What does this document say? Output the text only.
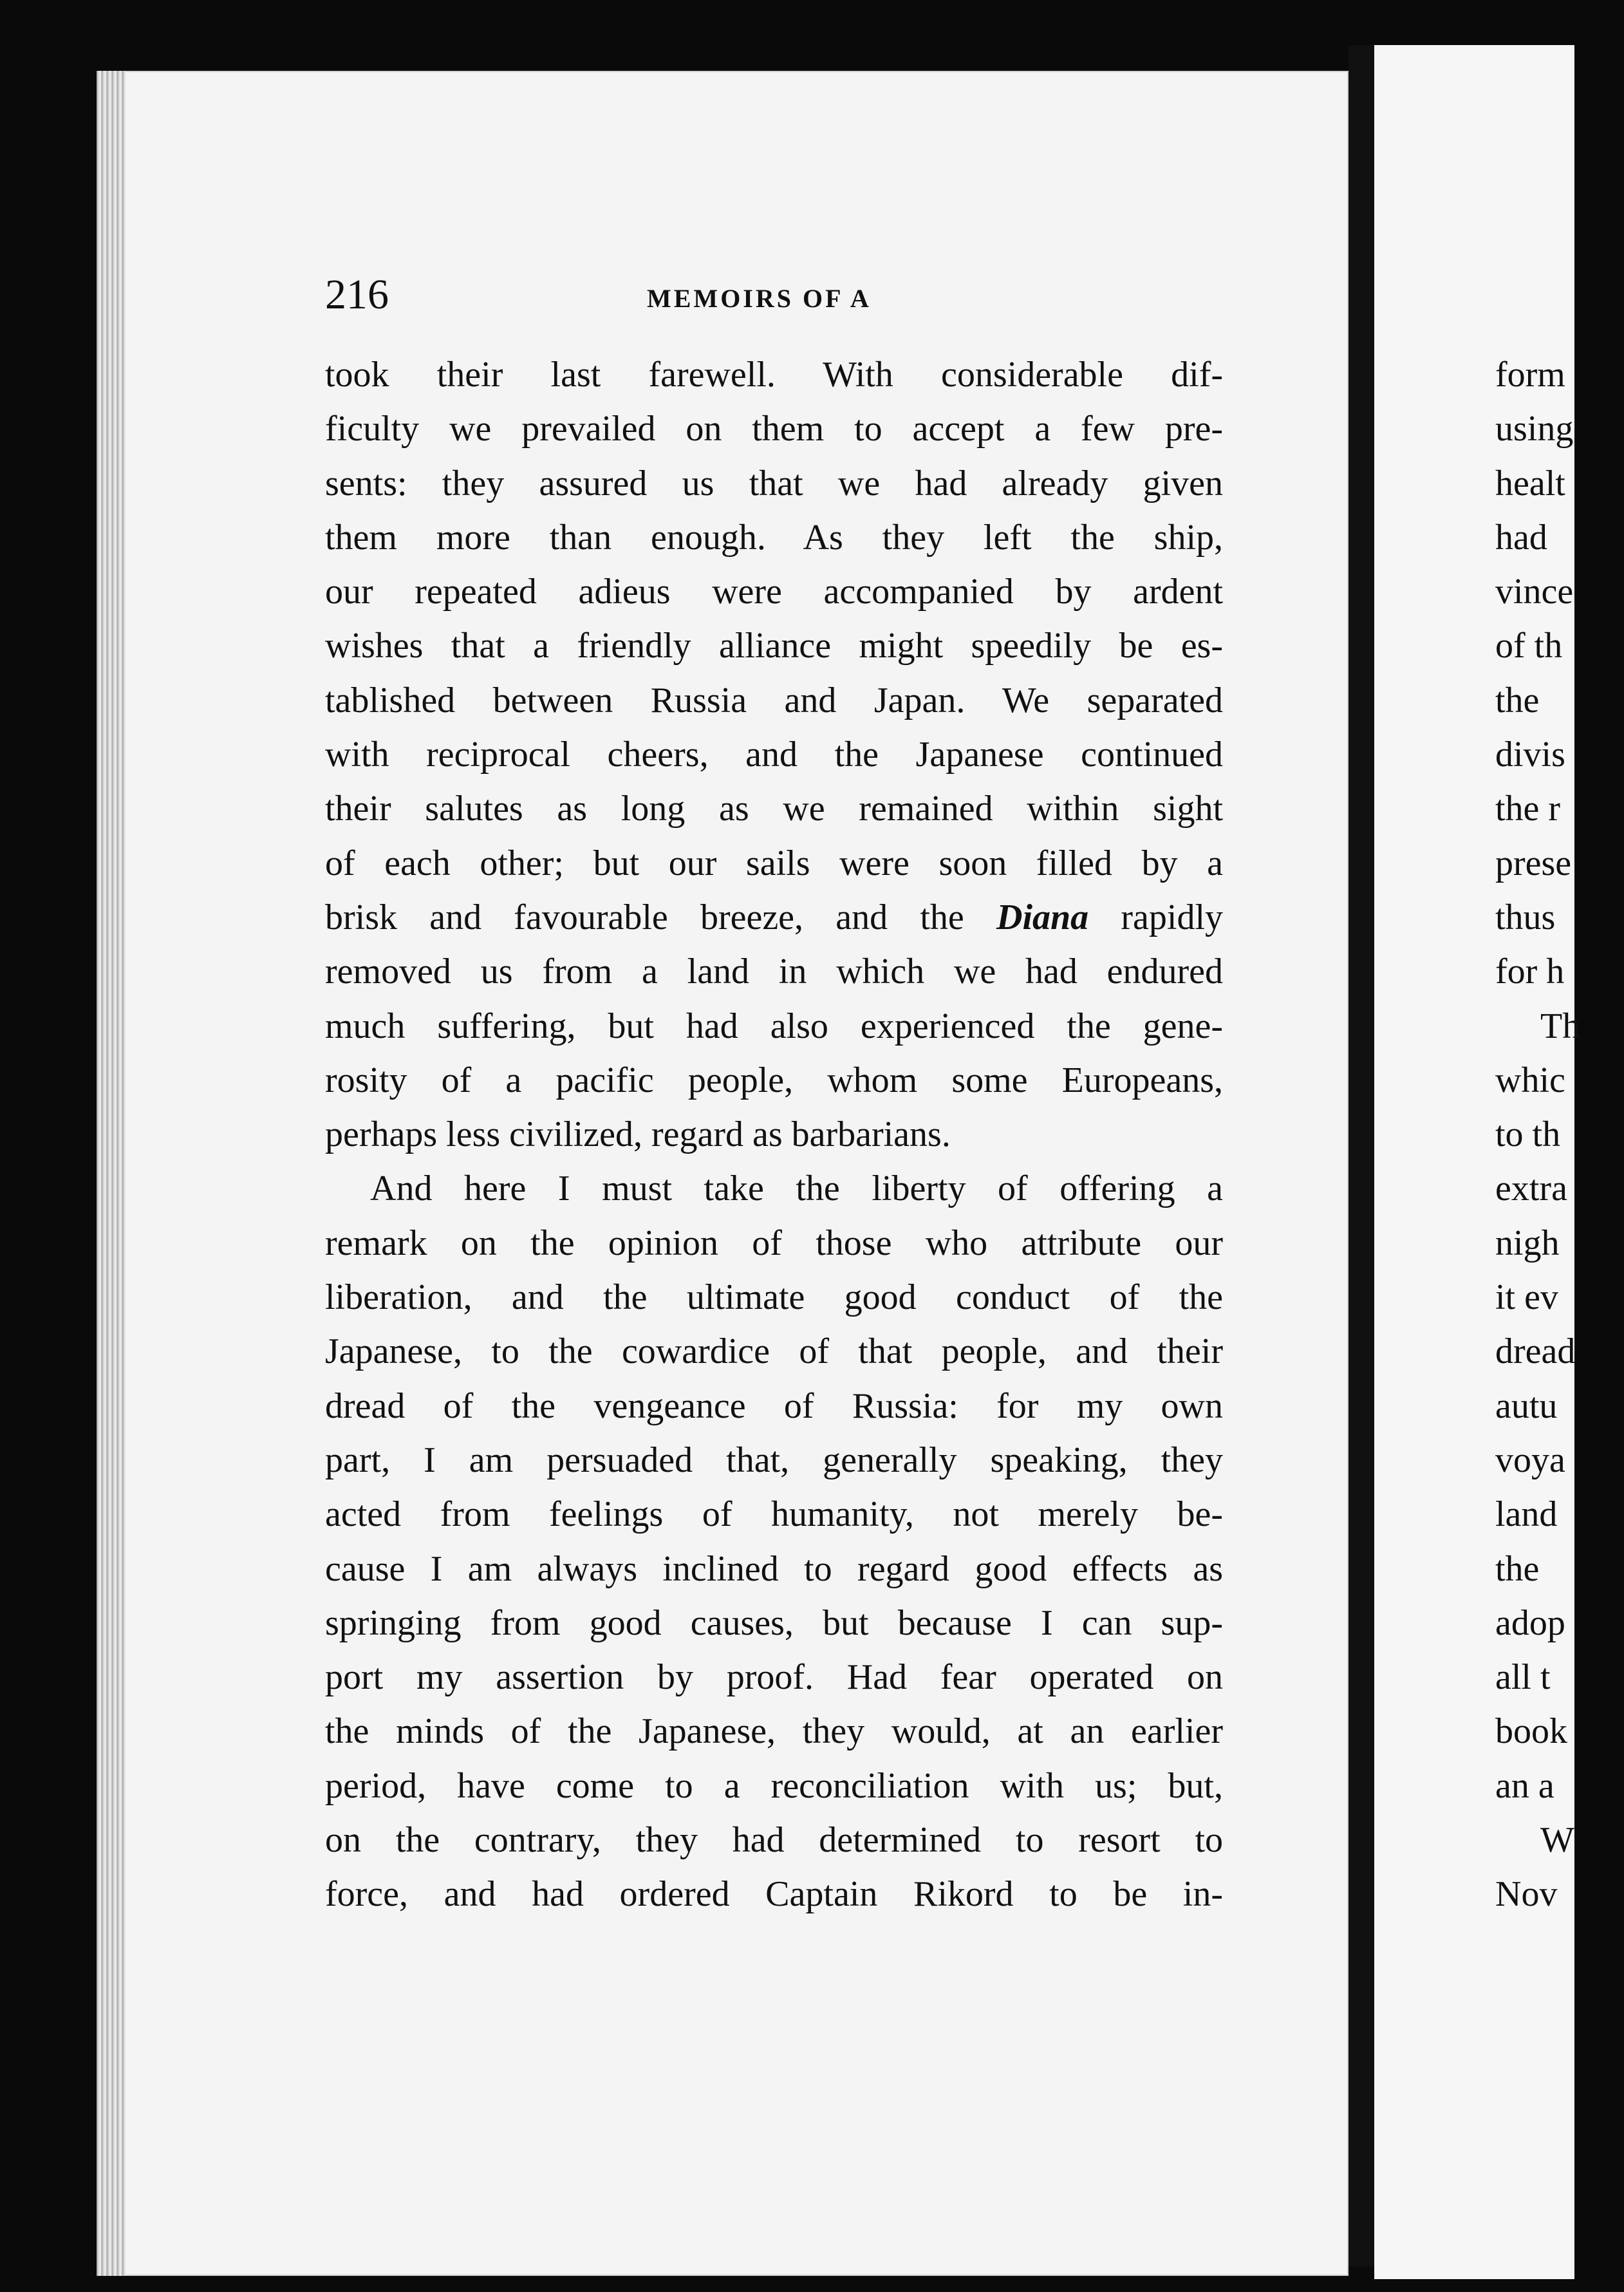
216	MEMOIRS OF A
took their last farewell. With considerable dif-
ficulty we prevailed on them to accept a few pre-
sents: they assured us that we had already given
them more than enough. As they left the ship,
our repeated adieus were accompanied by ardent
wishes that a friendly alliance might speedily be es-
tablished between Russia and Japan. We separated
with reciprocal cheers, and the Japanese continued
their salutes as long as we remained within sight
of each other; but our sails were soon filled by a
brisk and favourable breeze, and the Diana rapidly
removed us from a land in which we had endured
much suffering, but had also experienced the gene-
rosity of a pacific people, whom some Europeans,
perhaps less civilized, regard as barbarians.
And here I must take the liberty of offering a
remark on the opinion of those who attribute our
liberation, and the ultimate good conduct of the
Japanese, to the cowardice of that people, and their
dread of the vengeance of Russia: for my own
part, I am persuaded that, generally speaking, they
acted from feelings of humanity, not merely be-
cause I am always inclined to regard good effects as
springing from good causes, but because I can sup-
port my assertion by proof. Had fear operated on
the minds of the Japanese, they would, at an earlier
period, have come to a reconciliation with us; but,
on the contrary, they had determined to resort to
force, and had ordered Captain Rikord to be in-
form
using
healt
had
vince
of th
the
divis
the r
prese
thus
for h
Th
whic
to th
extra
nigh
it ev
dread
autu
voya
land
the
adop
all t
book
an a
W
Nov
